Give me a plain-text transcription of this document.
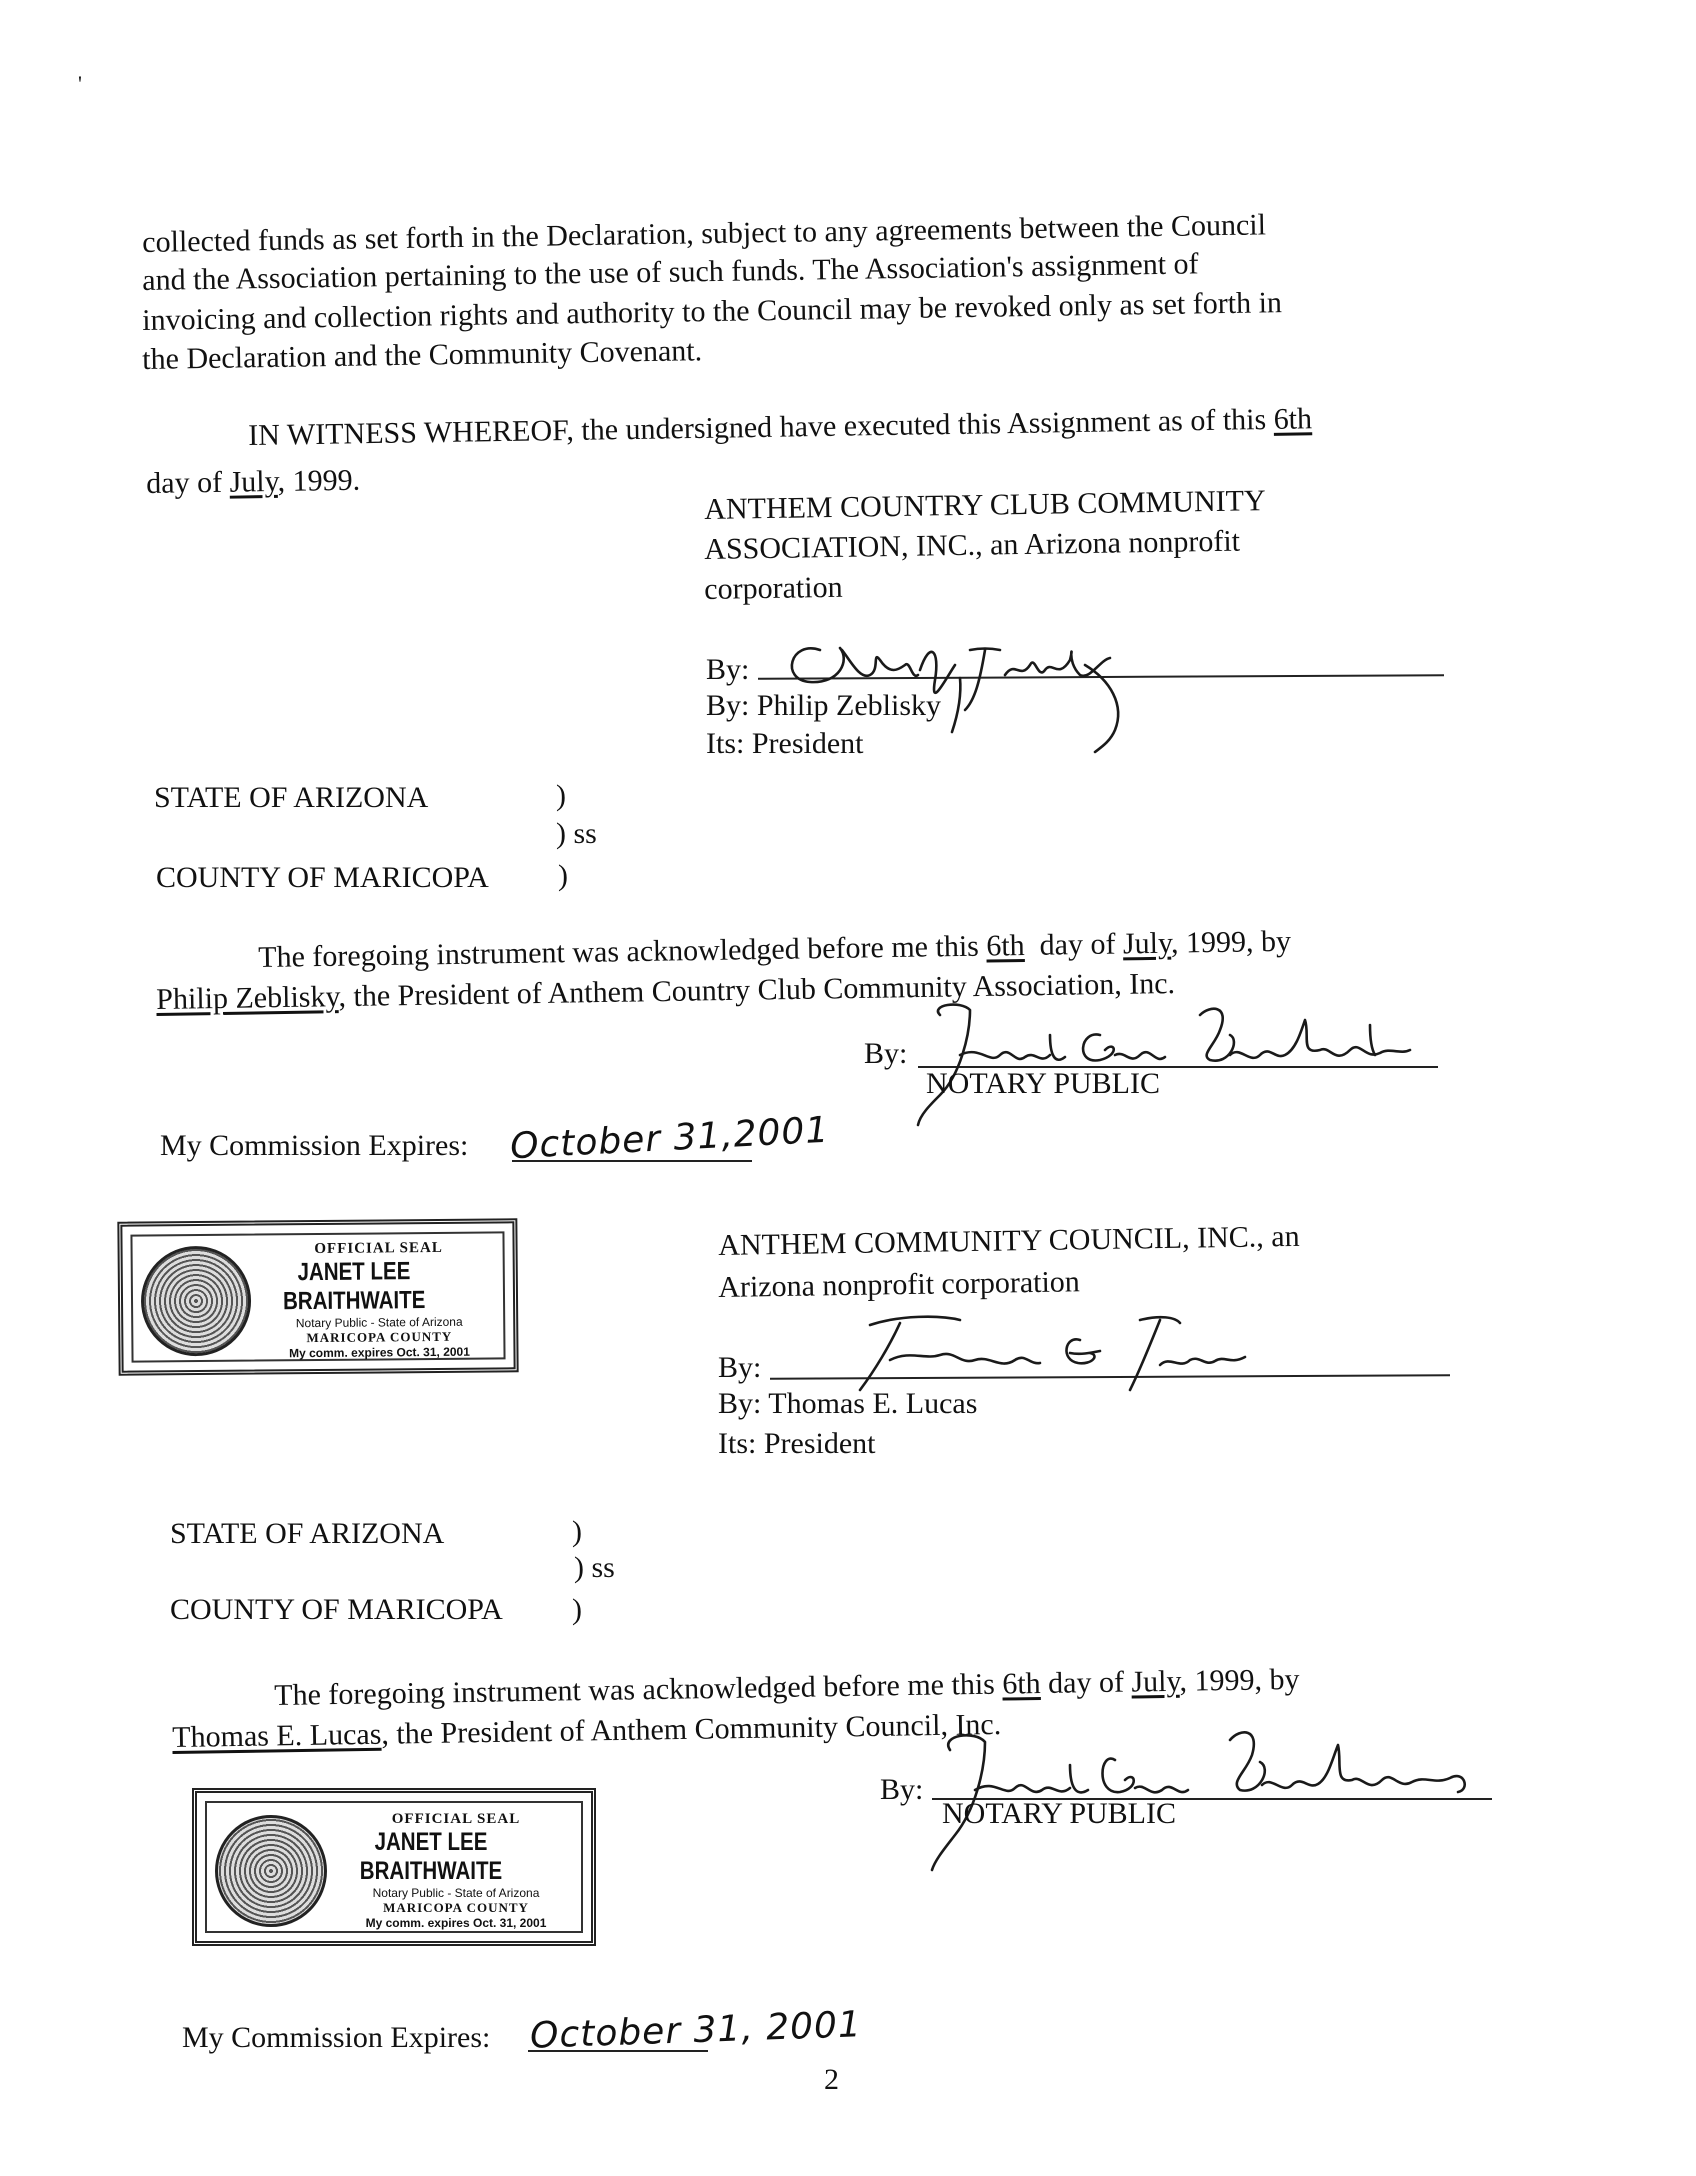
'
collected funds as set forth in the Declaration, subject to any agreements between the Council
and the Association pertaining to the use of such funds. The Association's assignment of
invoicing and collection rights and authority to the Council may be revoked only as set forth in
the Declaration and the Community Covenant.
IN WITNESS WHEREOF, the undersigned have executed this Assignment as of this 6th
day of July, 1999.
ANTHEM COUNTRY CLUB COMMUNITY
ASSOCIATION, INC., an Arizona nonprofit
corporation
By:
By: Philip Zeblisky
Its: President
STATE OF ARIZONA	)
) ss
COUNTY OF MARICOPA )
The foregoing instrument was acknowledged before me this 6th day of July, 1999, by
Philip Zeblisky, the President of Anthem Country Club Community Association, Inc.
By:
NOTARY PUBLIC
My Commission Expires: October 31,2001
OFFICIAL SEAL
JANET LEE BRAITHWAITE
Notary Public - State of Arizona
MARICOPA COUNTY
My comm. expires Oct. 31, 2001
ANTHEM COMMUNITY COUNCIL, INC., an
Arizona nonprofit corporation
By:
By: Thomas E. Lucas
Its: President
STATE OF ARIZONA	)
) ss
COUNTY OF MARICOPA )
The foregoing instrument was acknowledged before me this 6th day of July, 1999, by
Thomas E. Lucas, the President of Anthem Community Council, Inc.
By:
NOTARY PUBLIC
OFFICIAL SEAL
JANET LEE BRAITHWAITE
Notary Public - State of Arizona
MARICOPA COUNTY
My comm. expires Oct. 31, 2001
My Commission Expires: October 31, 2001
2
